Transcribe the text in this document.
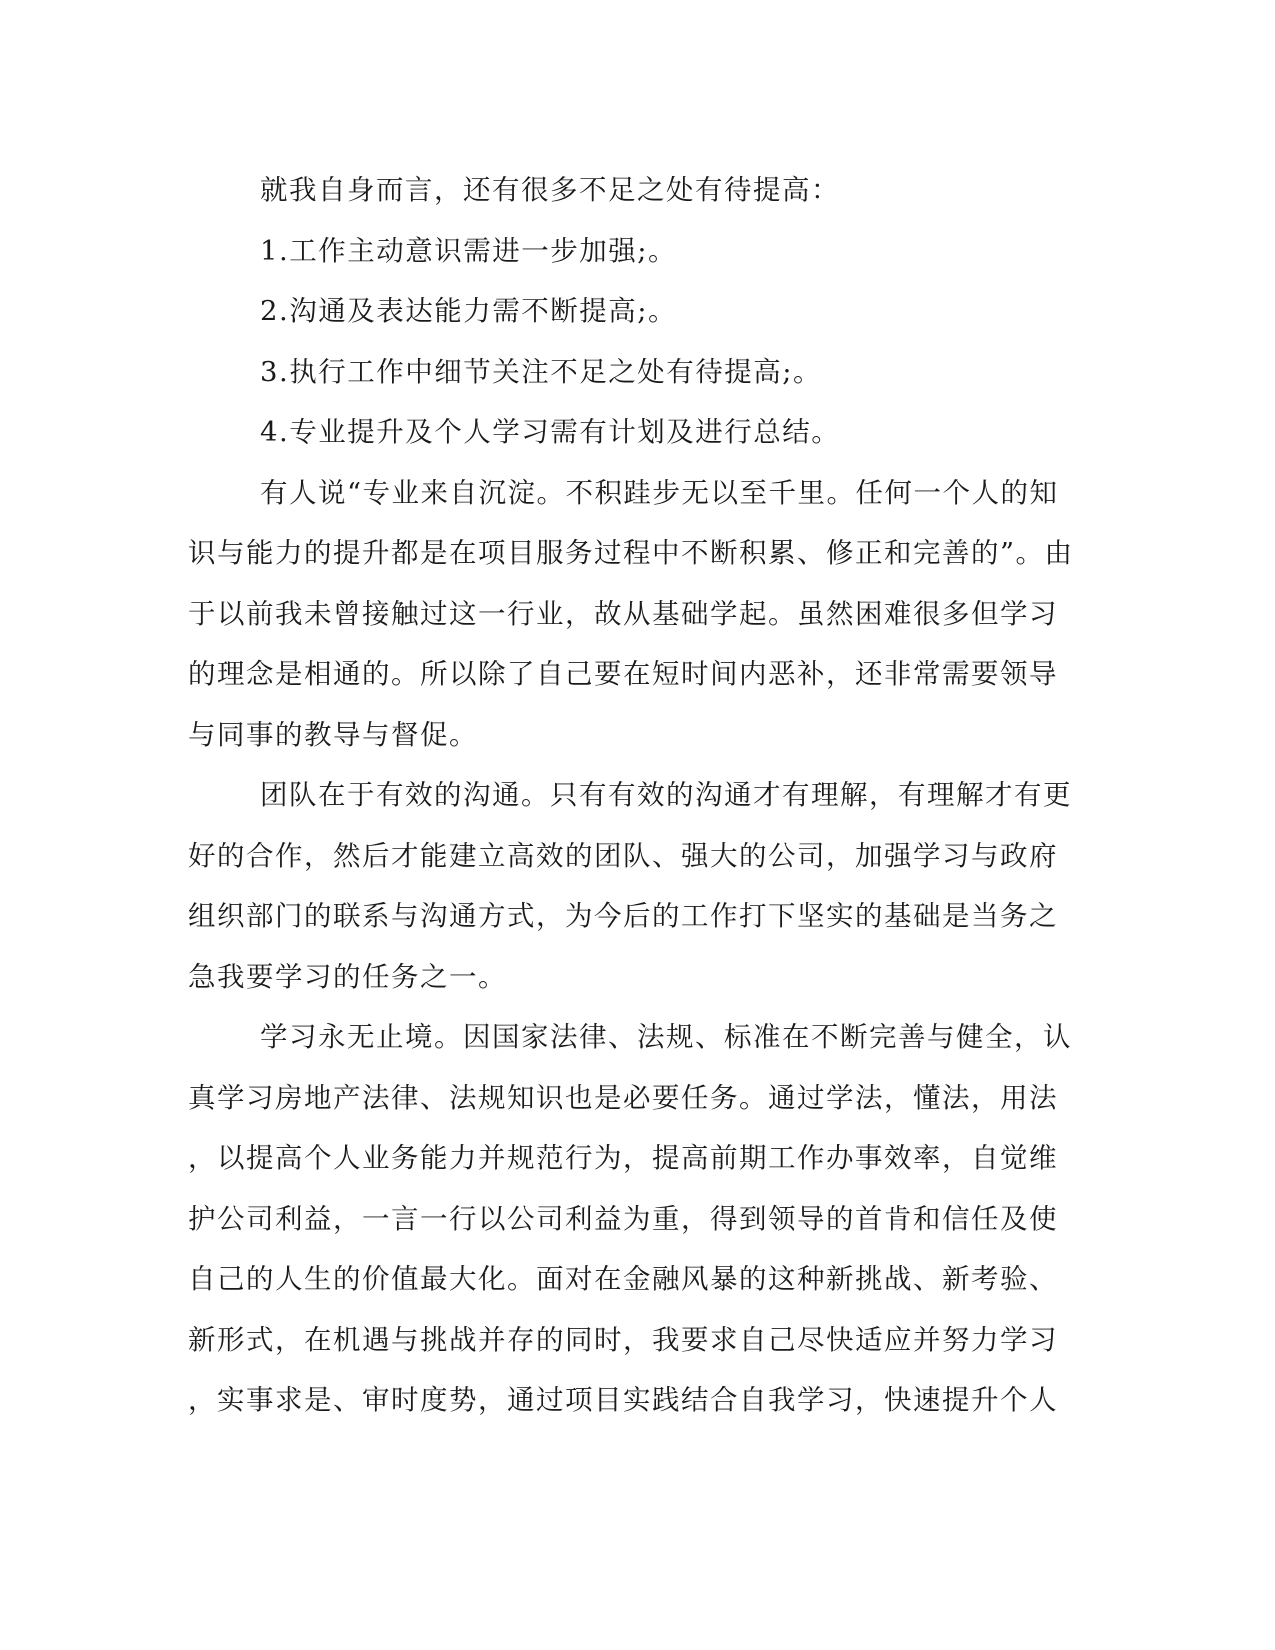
就我自身而言，还有很多不足之处有待提高：
1.工作主动意识需进一步加强;。
2.沟通及表达能力需不断提高;。
3.执行工作中细节关注不足之处有待提高;。
4.专业提升及个人学习需有计划及进行总结。
有人说“专业来自沉淀。不积跬步无以至千里。任何一个人的知
识与能力的提升都是在项目服务过程中不断积累、修正和完善的”。由
于以前我未曾接触过这一行业，故从基础学起。虽然困难很多但学习
的理念是相通的。所以除了自己要在短时间内恶补，还非常需要领导
与同事的教导与督促。
团队在于有效的沟通。只有有效的沟通才有理解，有理解才有更
好的合作，然后才能建立高效的团队、强大的公司，加强学习与政府
组织部门的联系与沟通方式，为今后的工作打下坚实的基础是当务之
急我要学习的任务之一。
学习永无止境。因国家法律、法规、标准在不断完善与健全，认
真学习房地产法律、法规知识也是必要任务。通过学法，懂法，用法
，以提高个人业务能力并规范行为，提高前期工作办事效率，自觉维
护公司利益，一言一行以公司利益为重，得到领导的首肯和信任及使
自己的人生的价值最大化。面对在金融风暴的这种新挑战、新考验、
新形式，在机遇与挑战并存的同时，我要求自己尽快适应并努力学习
，实事求是、审时度势，通过项目实践结合自我学习，快速提升个人
